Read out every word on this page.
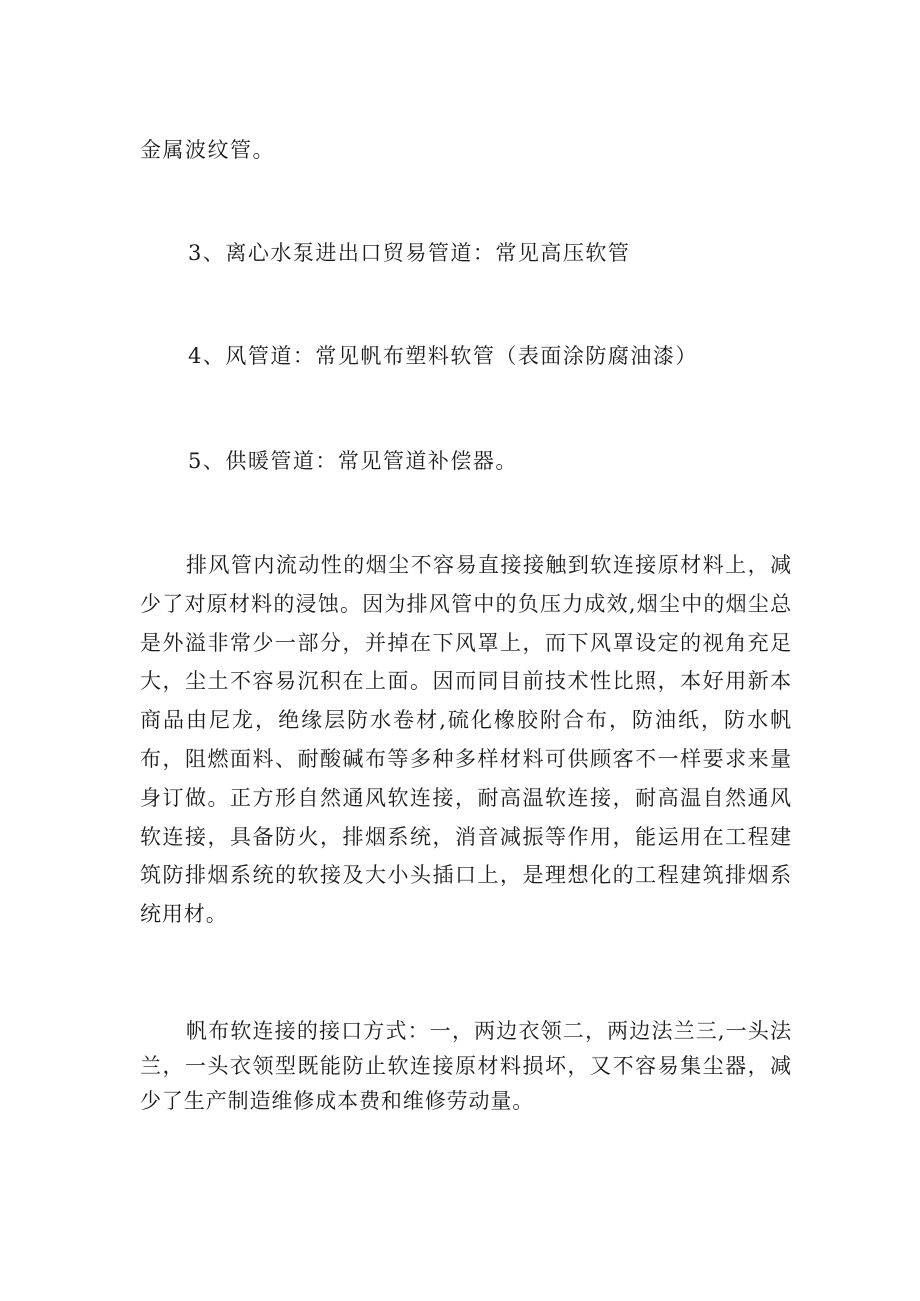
金属波纹管。
3、离心水泵进出口贸易管道：常见高压软管
4、风管道：常见帆布塑料软管（表面涂防腐油漆）
5、供暖管道：常见管道补偿器。
排风管内流动性的烟尘不容易直接接触到软连接原材料上，减少了对原材料的浸蚀。因为排风管中的负压力成效,烟尘中的烟尘总是外溢非常少一部分，并掉在下风罩上，而下风罩设定的视角充足大，尘土不容易沉积在上面。因而同目前技术性比照，本好用新本商品由尼龙，绝缘层防水卷材,硫化橡胶附合布，防油纸，防水帆布，阻燃面料、耐酸碱布等多种多样材料可供顾客不一样要求来量身订做。正方形自然通风软连接，耐高温软连接，耐高温自然通风软连接，具备防火，排烟系统，消音减振等作用，能运用在工程建筑防排烟系统的软接及大小头插口上，是理想化的工程建筑排烟系统用材。
帆布软连接的接口方式：一，两边衣领二，两边法兰三,一头法兰，一头衣领型既能防止软连接原材料损坏，又不容易集尘器，减少了生产制造维修成本费和维修劳动量。
